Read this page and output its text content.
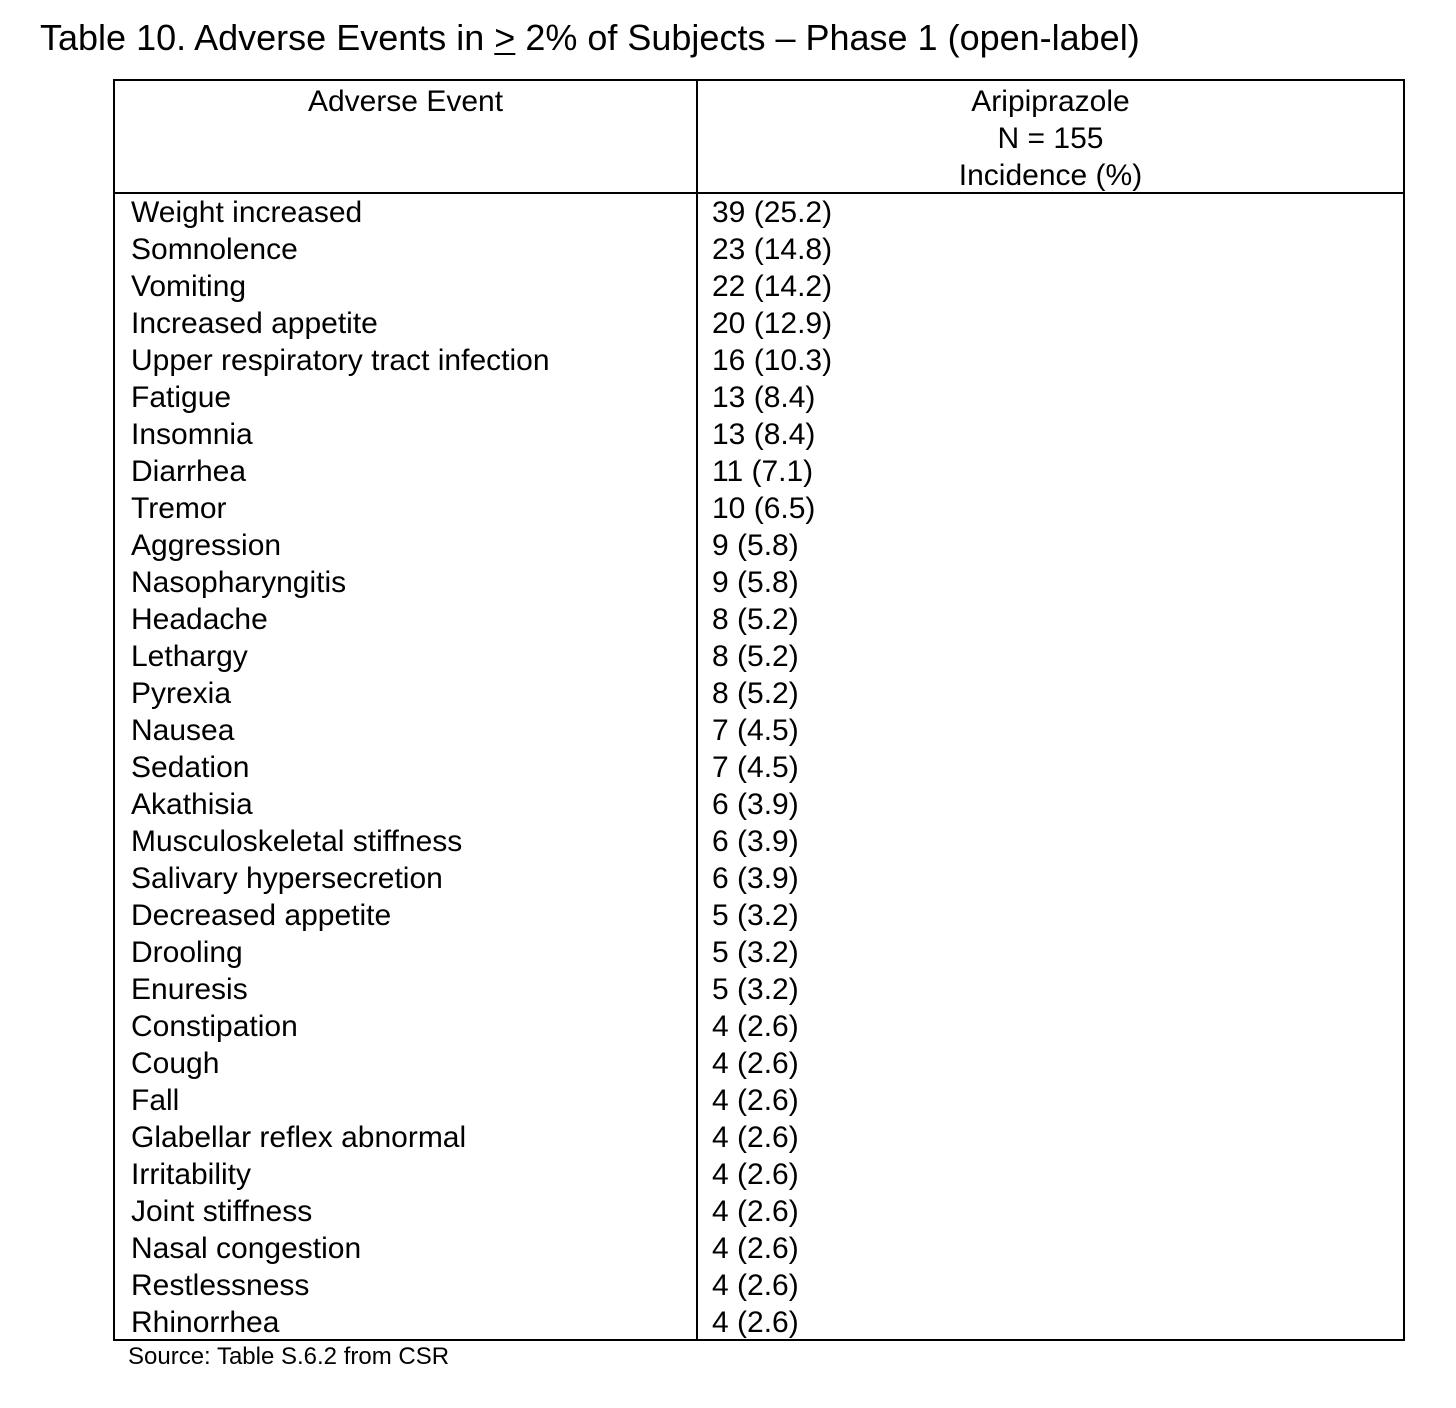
Table 10. Adverse Events in ≥ 2% of Subjects – Phase 1 (open-label)
Adverse Event	Aripiprazole
N = 155
Incidence (%)
Weight increased	39 (25.2)
Somnolence	23 (14.8)
Vomiting	22 (14.2)
Increased appetite	20 (12.9)
Upper respiratory tract infection	16 (10.3)
Fatigue	13 (8.4)
Insomnia	13 (8.4)
Diarrhea	11 (7.1)
Tremor	10 (6.5)
Aggression	9 (5.8)
Nasopharyngitis	9 (5.8)
Headache	8 (5.2)
Lethargy	8 (5.2)
Pyrexia	8 (5.2)
Nausea	7 (4.5)
Sedation	7 (4.5)
Akathisia	6 (3.9)
Musculoskeletal stiffness	6 (3.9)
Salivary hypersecretion	6 (3.9)
Decreased appetite	5 (3.2)
Drooling	5 (3.2)
Enuresis	5 (3.2)
Constipation	4 (2.6)
Cough	4 (2.6)
Fall	4 (2.6)
Glabellar reflex abnormal	4 (2.6)
Irritability	4 (2.6)
Joint stiffness	4 (2.6)
Nasal congestion	4 (2.6)
Restlessness	4 (2.6)
Rhinorrhea	4 (2.6)
Source: Table S.6.2 from CSR
